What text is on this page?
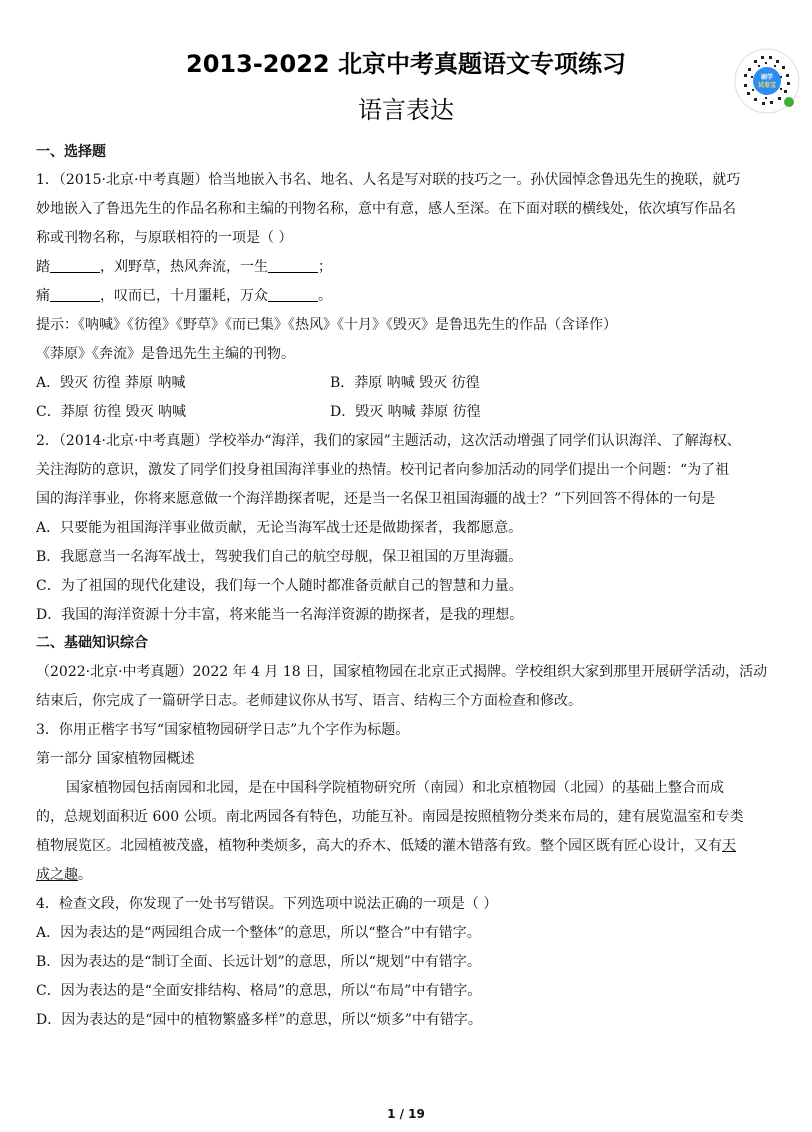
2013-2022 北京中考真题语文专项练习
语言表达
刷学
试卷宝
一、选择题
1．（2015·北京·中考真题）恰当地嵌入书名、地名、人名是写对联的技巧之一。孙伏园悼念鲁迅先生的挽联，就巧
妙地嵌入了鲁迅先生的作品名称和主编的刊物名称，意中有意，感人至深。在下面对联的横线处，依次填写作品名
称或刊物名称，与原联相符的一项是（ ）
踏	，刈野草，热风奔流，一生	；
痛	，叹而已，十月噩耗，万众	。
提示：《呐喊》《彷徨》《野草》《而已集》《热风》《十月》《毁灭》是鲁迅先生的作品（含译作）
《莽原》《奔流》是鲁迅先生主编的刊物。
A．毁灭 彷徨 莽原 呐喊	B．莽原 呐喊 毁灭 彷徨
C．莽原 彷徨 毁灭 呐喊	D．毁灭 呐喊 莽原 彷徨
2．（2014·北京·中考真题）学校举办“海洋，我们的家园”主题活动，这次活动增强了同学们认识海洋、了解海权、
关注海防的意识，激发了同学们投身祖国海洋事业的热情。校刊记者向参加活动的同学们提出一个问题：“为了祖
国的海洋事业，你将来愿意做一个海洋勘探者呢，还是当一名保卫祖国海疆的战士？”下列回答不得体的一句是
A．只要能为祖国海洋事业做贡献，无论当海军战士还是做勘探者，我都愿意。
B．我愿意当一名海军战士，驾驶我们自己的航空母舰，保卫祖国的万里海疆。
C．为了祖国的现代化建设，我们每一个人随时都准备贡献自己的智慧和力量。
D．我国的海洋资源十分丰富，将来能当一名海洋资源的勘探者，是我的理想。
二、基础知识综合
（2022·北京·中考真题）2022 年 4 月 18 日，国家植物园在北京正式揭牌。学校组织大家到那里开展研学活动，活动
结束后，你完成了一篇研学日志。老师建议你从书写、语言、结构三个方面检查和修改。
3．你用正楷字书写“国家植物园研学日志”九个字作为标题。
第一部分 国家植物园概述
国家植物园包括南园和北园，是在中国科学院植物研究所（南园）和北京植物园（北园）的基础上整合而成
的，总规划面积近 600 公顷。南北两园各有特色，功能互补。南园是按照植物分类来布局的，建有展览温室和专类
植物展览区。北园植被茂盛，植物种类烦多，高大的乔木、低矮的灌木错落有致。整个园区既有匠心设计，又有天
成之趣。
4．检查文段，你发现了一处书写错误。下列选项中说法正确的一项是（ ）
A．因为表达的是“两园组合成一个整体”的意思，所以“整合”中有错字。
B．因为表达的是“制订全面、长远计划”的意思，所以“规划”中有错字。
C．因为表达的是“全面安排结构、格局”的意思，所以“布局”中有错字。
D．因为表达的是“园中的植物繁盛多样”的意思，所以“烦多”中有错字。
1 / 19
